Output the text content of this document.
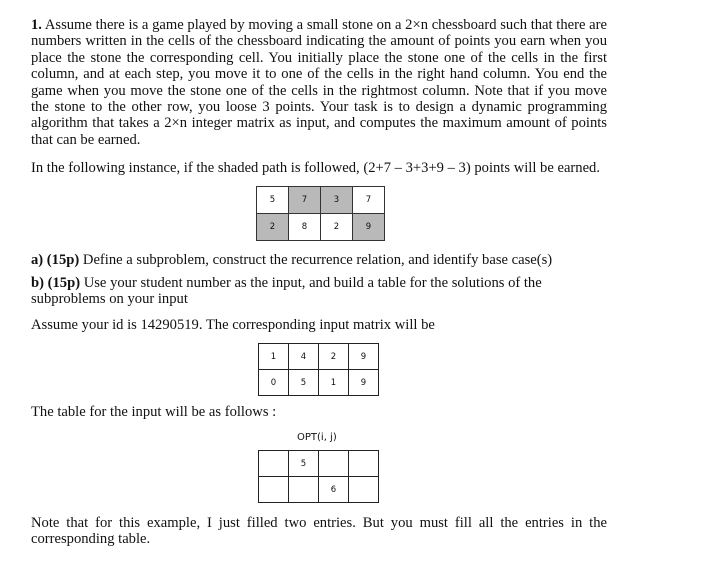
1. Assume there is a game played by moving a small stone on a 2×n chessboard such that there are numbers written in the cells of the chessboard indicating the amount of points you earn when you place the stone the corresponding cell. You initially place the stone one of the cells in the first column, and at each step, you move it to one of the cells in the right hand column. You end the game when you move the stone one of the cells in the rightmost column. Note that if you move the stone to the other row, you loose 3 points. Your task is to design a dynamic programming algorithm that takes a 2×n integer matrix as input, and computes the maximum amount of points that can be earned.
In the following instance, if the shaded path is followed, (2+7 – 3+3+9 – 3) points will be earned.
5	7	3	7
2	8	2	9
a) (15p) Define a subproblem, construct the recurrence relation, and identify base case(s)
b) (15p) Use your student number as the input, and build a table for the solutions of the subproblems on your input
Assume your id is 14290519. The corresponding input matrix will be
1	4	2	9
0	5	1	9
The table for the input will be as follows :
OPT(i, j)
	5		
		6	
Note that for this example, I just filled two entries. But you must fill all the entries in the corresponding table.
